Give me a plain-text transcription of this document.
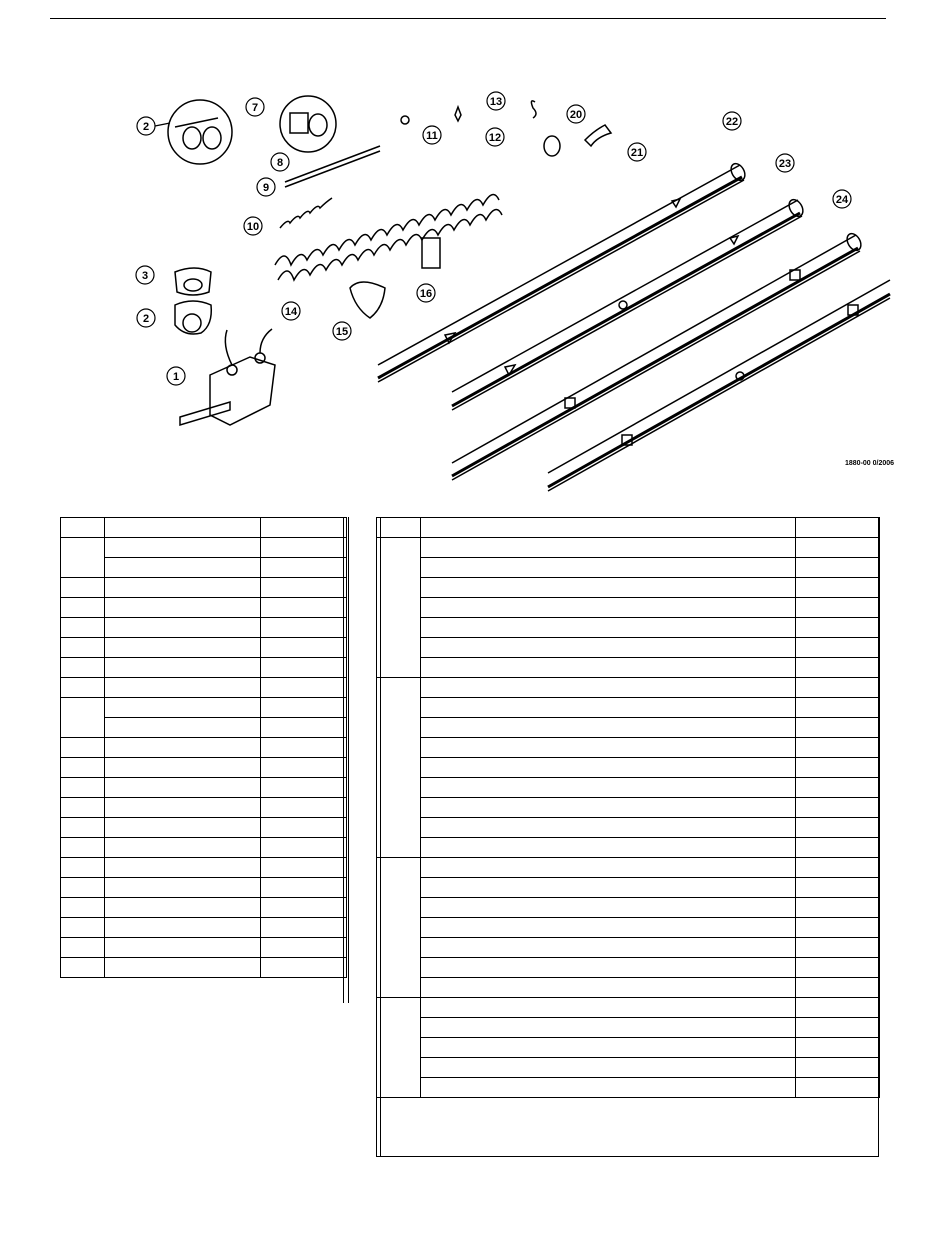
2
7
8
9
10
11	12
13
14
15
16
20
21
22
23
24
3
2
1
1880-00 0/2006
